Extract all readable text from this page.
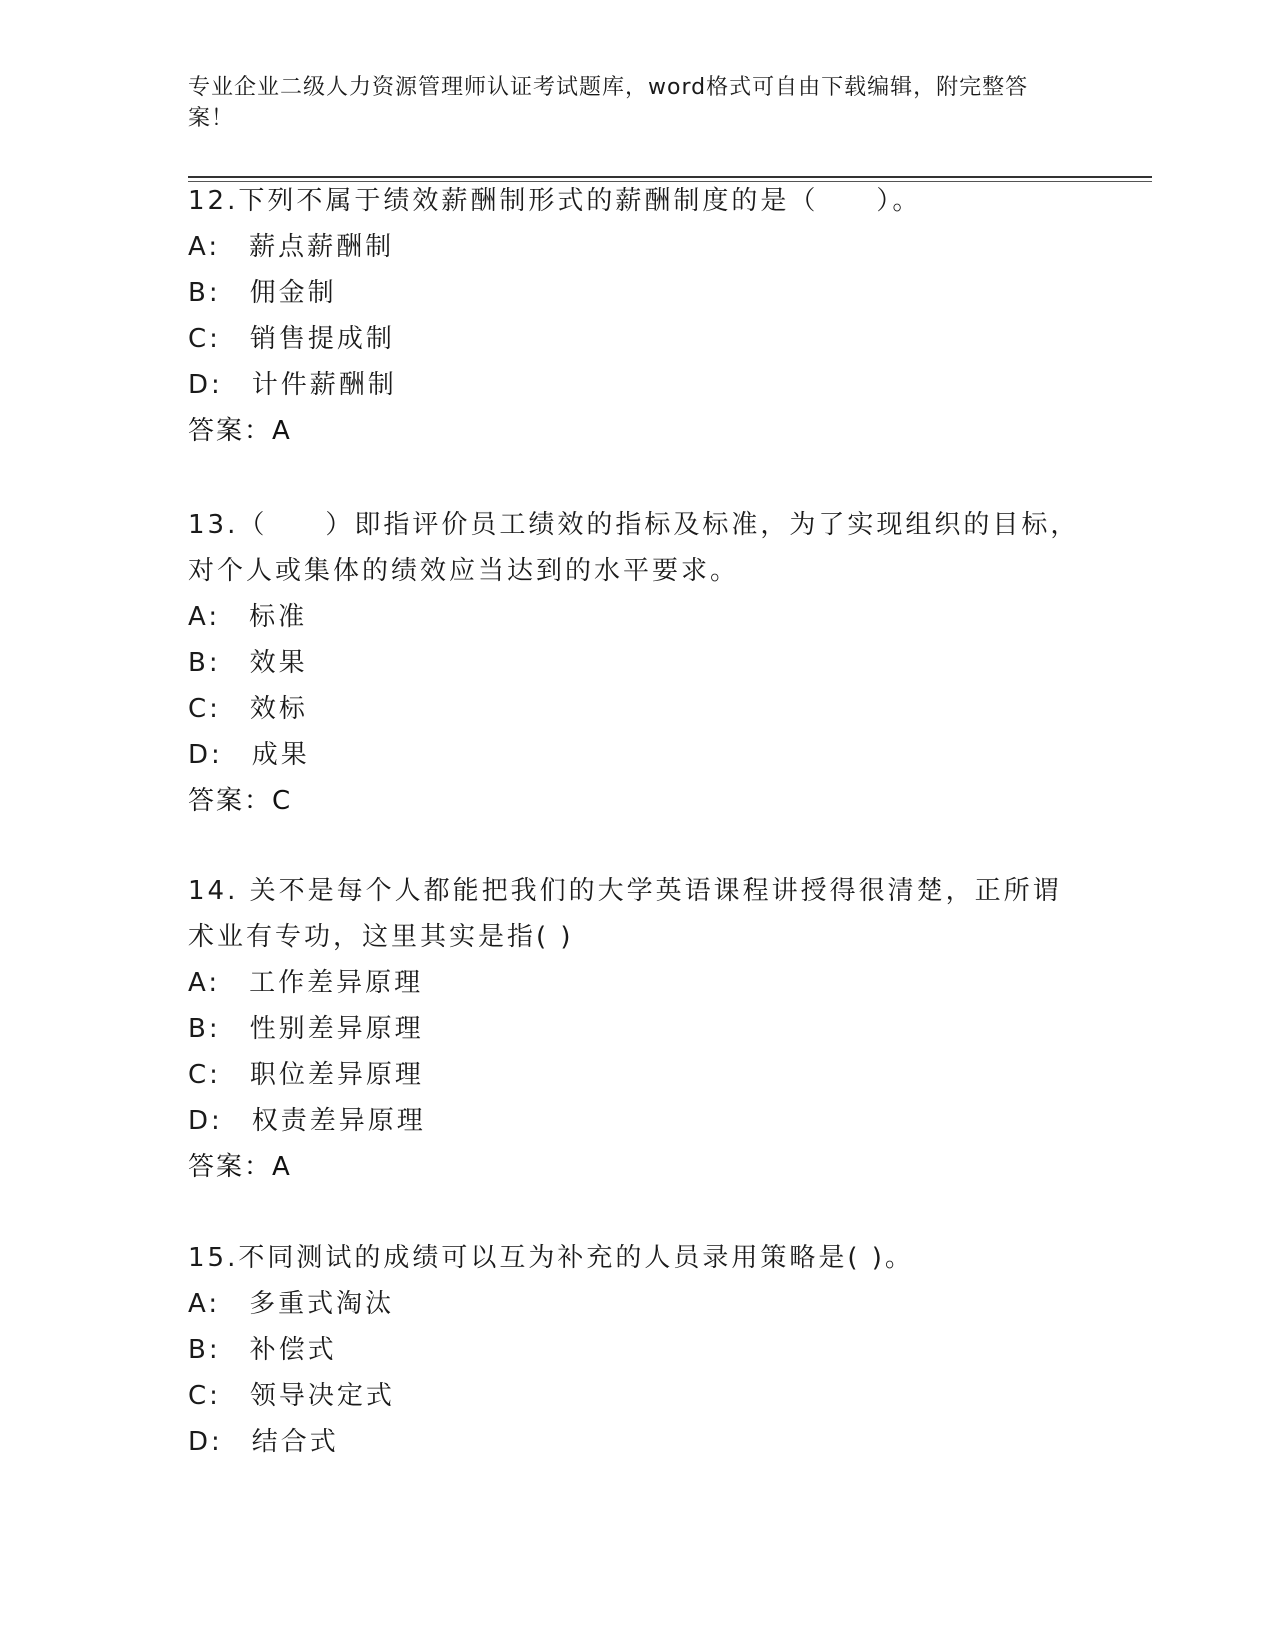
专业企业二级人力资源管理师认证考试题库，word格式可自由下载编辑，附完整答案！

12.下列不属于绩效薪酬制形式的薪酬制度的是（　　）。

A:　薪点薪酬制

B:　佣金制

C:　销售提成制

D:　计件薪酬制

答案：A

13.（　　）即指评价员工绩效的指标及标准，为了实现组织的目标，对个人或集体的绩效应当达到的水平要求。

A:　标准

B:　效果

C:　效标

D:　成果

答案：C

14. 关不是每个人都能把我们的大学英语课程讲授得很清楚，正所谓术业有专功，这里其实是指( )

A:　工作差异原理

B:　性别差异原理

C:　职位差异原理

D:　权责差异原理

答案：A

15.不同测试的成绩可以互为补充的人员录用策略是( )。

A:　多重式淘汰

B:　补偿式

C:　领导决定式

D:　结合式
